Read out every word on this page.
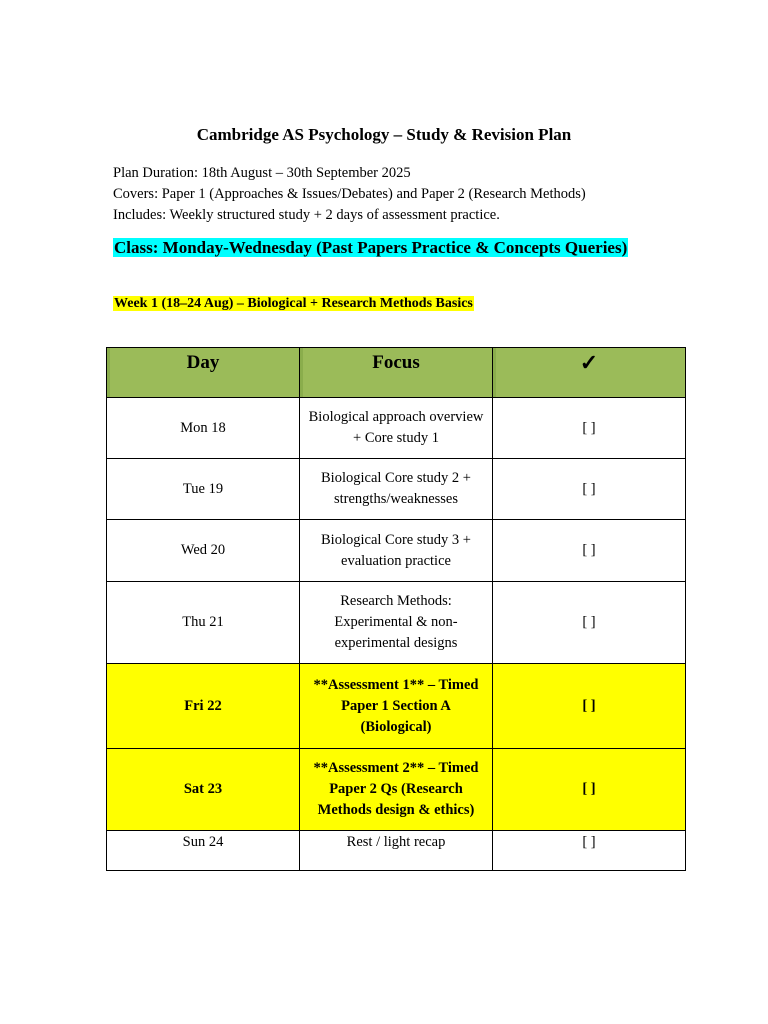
Cambridge AS Psychology – Study & Revision Plan
Plan Duration: 18th August – 30th September 2025
Covers: Paper 1 (Approaches & Issues/Debates) and Paper 2 (Research Methods)
Includes: Weekly structured study + 2 days of assessment practice.
Class: Monday-Wednesday (Past Papers Practice & Concepts Queries)
Week 1 (18–24 Aug) – Biological + Research Methods Basics
Day	Focus	✓
Mon 18	Biological approach overview + Core study 1	[ ]
Tue 19	Biological Core study 2 + strengths/weaknesses	[ ]
Wed 20	Biological Core study 3 + evaluation practice	[ ]
Thu 21	Research Methods: Experimental & non-experimental designs	[ ]
Fri 22	**Assessment 1** – Timed Paper 1 Section A (Biological)	[ ]
Sat 23	**Assessment 2** – Timed Paper 2 Qs (Research Methods design & ethics)	[ ]
Sun 24	Rest / light recap	[ ]
